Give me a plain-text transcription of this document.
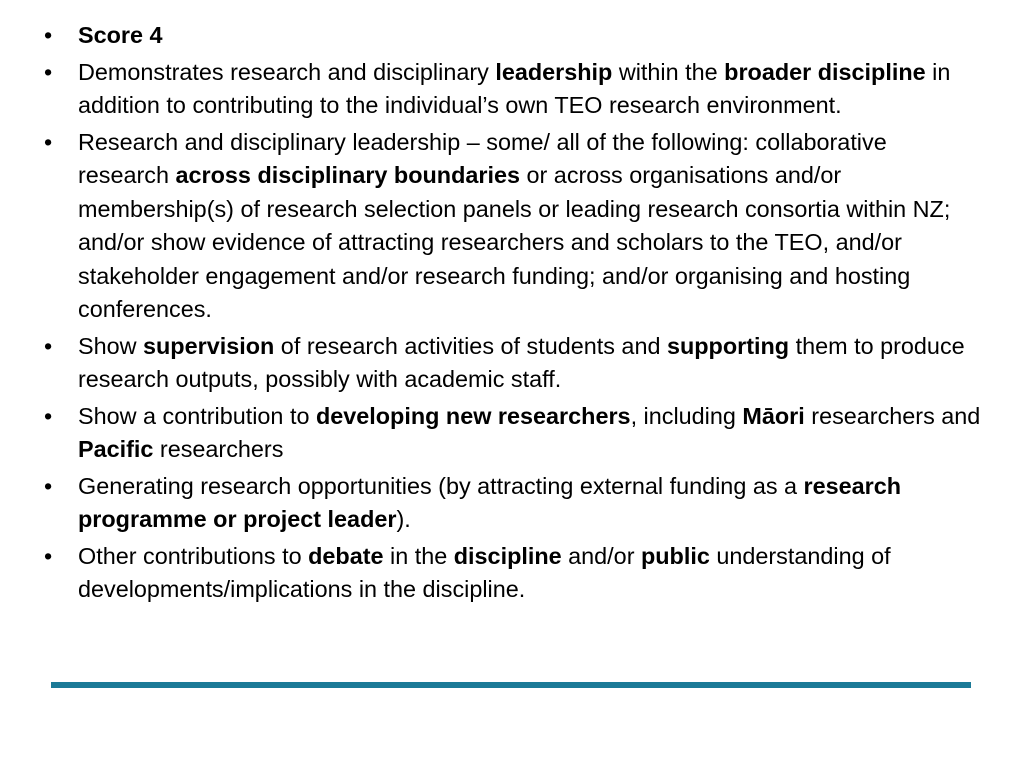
•	Score 4
•	Demonstrates research and disciplinary leadership within the broader discipline in addition to contributing to the individual’s own TEO research environment.
•	Research and disciplinary leadership – some/ all of the following: collaborative research across disciplinary boundaries or across organisations and/or membership(s) of research selection panels or leading research consortia within NZ; and/or show evidence of attracting researchers and scholars to the TEO, and/or stakeholder engagement and/or research funding; and/or organising and hosting conferences.
•	Show supervision of research activities of students and supporting them to produce research outputs, possibly with academic staff.
•	Show a contribution to developing new researchers, including Māori researchers and Pacific researchers
•	Generating research opportunities (by attracting external funding as a research programme or project leader).
•	Other contributions to debate in the discipline and/or public understanding of developments/implications in the discipline.
